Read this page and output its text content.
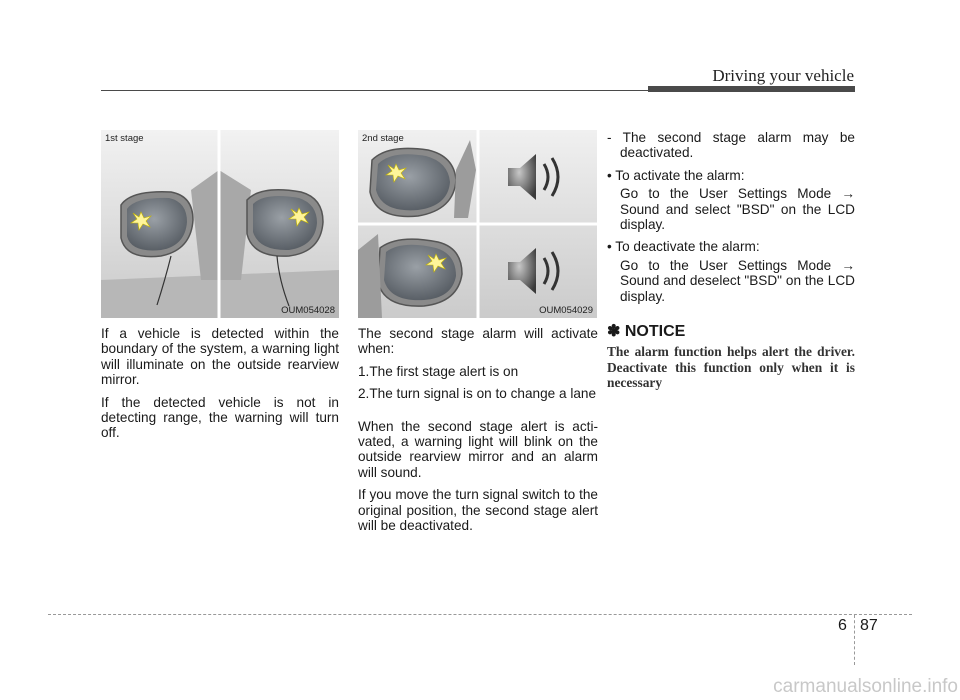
Driving your vehicle
1st stage
OUM054028
2nd stage
OUM054029

If a vehicle is detected within the boundary of the system, a warning light will illuminate on the outside rearview mirror.

If the detected vehicle is not in detecting range, the warning will turn off.

The second stage alarm will activate when:

1.The first stage alert is on
2.The turn signal is on to change a lane

When the second stage alert is acti-vated, a warning light will blink on the outside rearview mirror and an alarm will sound.

If you move the turn signal switch to the original position, the second stage alert will be deactivated.

- The second stage alarm may be deactivated.

• To activate the alarm:

Go to the User Settings Mode → Sound and select "BSD" on the LCD display.

• To deactivate the alarm:

Go to the User Settings Mode → Sound and deselect "BSD" on the LCD display.

✽ NOTICE
The alarm function helps alert the driver. Deactivate this function only when it is necessary
6 87
carmanualsonline.info
